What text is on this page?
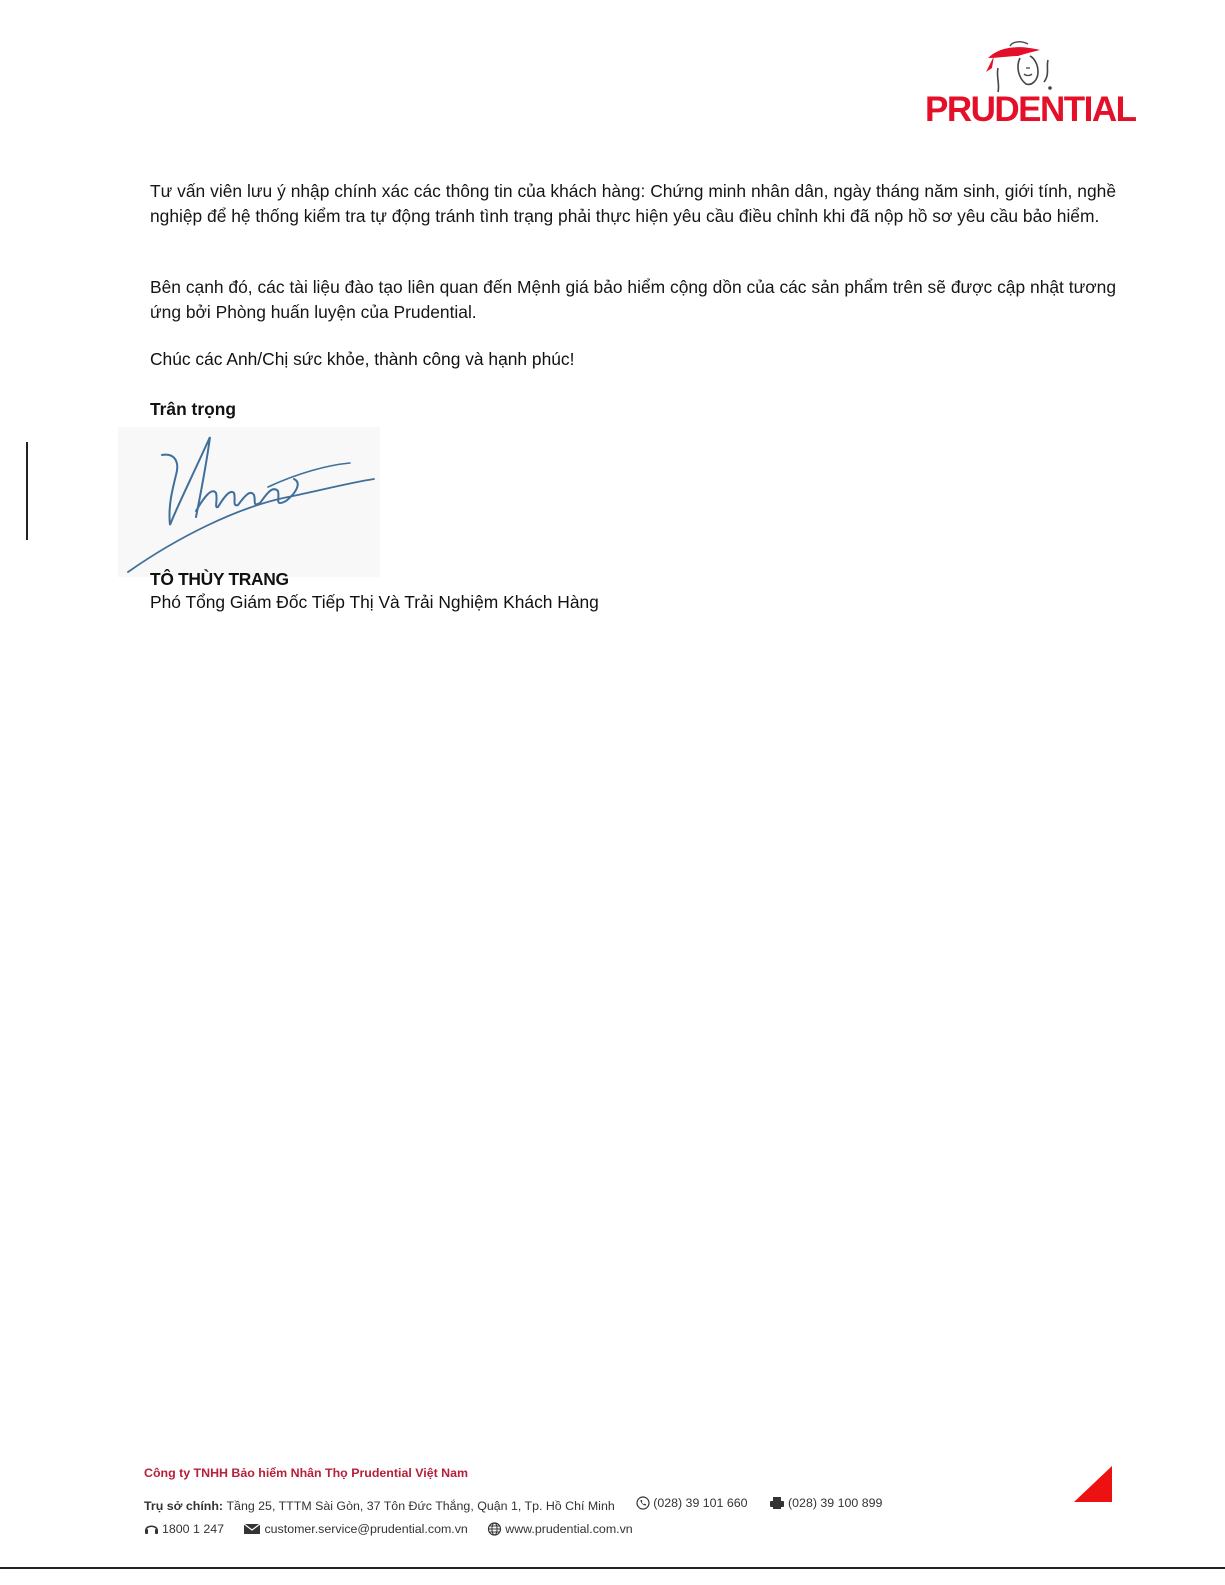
PRUDENTIAL

Tư vấn viên lưu ý nhập chính xác các thông tin của khách hàng: Chứng minh nhân dân, ngày tháng năm sinh, giới tính, nghề nghiệp để hệ thống kiểm tra tự động tránh tình trạng phải thực hiện yêu cầu điều chỉnh khi đã nộp hồ sơ yêu cầu bảo hiểm.

Bên cạnh đó, các tài liệu đào tạo liên quan đến Mệnh giá bảo hiểm cộng dồn của các sản phẩm trên sẽ được cập nhật tương ứng bởi Phòng huấn luyện của Prudential.

Chúc các Anh/Chị sức khỏe, thành công và hạnh phúc!
Trân trọng
TÔ THÙY TRANG
Phó Tổng Giám Đốc Tiếp Thị Và Trải Nghiệm Khách Hàng
Công ty TNHH Bảo hiểm Nhân Thọ Prudential Việt Nam
Trụ sở chính:
Tầng 25, TTTM Sài Gòn, 37 Tôn Đức Thắng, Quận 1, Tp. Hồ Chí Minh
	(028) 39 101 660
	(028) 39 100 899
1800 1 247
	customer.service@prudential.com.vn
	www.prudential.com.vn
